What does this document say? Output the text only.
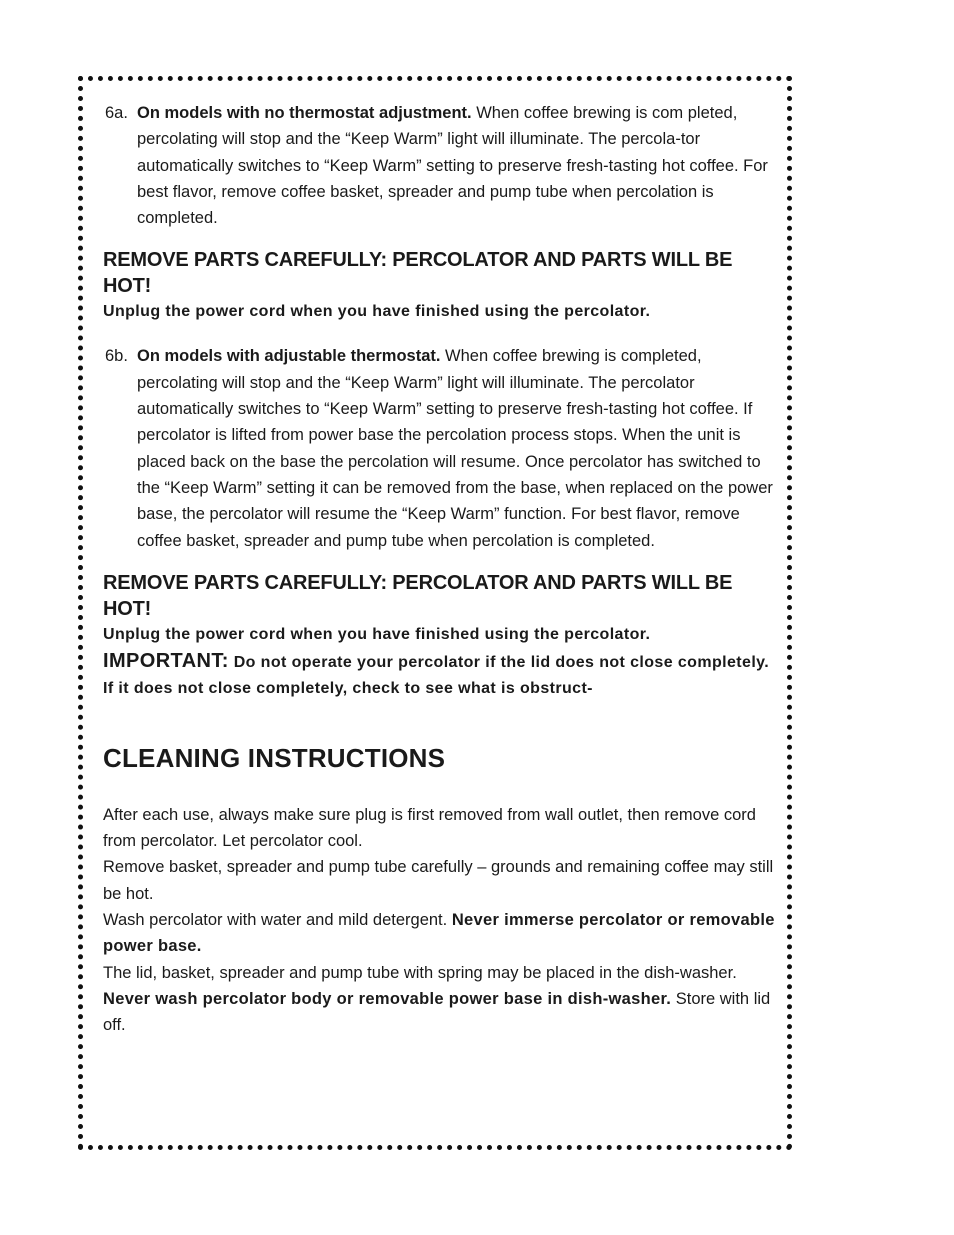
6a. On models with no thermostat adjustment. When coffee brewing is com pleted, percolating will stop and the “Keep Warm” light will illuminate. The percola-tor automatically switches to “Keep Warm” setting to preserve fresh-tasting hot coffee. For best flavor, remove coffee basket, spreader and pump tube when percolation is completed.
REMOVE PARTS CAREFULLY: PERCOLATOR AND PARTS WILL BE HOT!
Unplug the power cord when you have finished using the percolator.
6b. On models with adjustable thermostat. When coffee brewing is completed, percolating will stop and the “Keep Warm” light will illuminate. The percolator automatically switches to “Keep Warm” setting to preserve fresh-tasting hot coffee. If percolator is lifted from power base the percolation process stops. When the unit is placed back on the base the percolation will resume. Once percolator has switched to the “Keep Warm” setting it can be removed from the base, when replaced on the power base, the percolator will resume the “Keep Warm” function. For best flavor, remove coffee basket, spreader and pump tube when percolation is completed.
REMOVE PARTS CAREFULLY: PERCOLATOR AND PARTS WILL BE HOT!
Unplug the power cord when you have finished using the percolator.
IMPORTANT: Do not operate your percolator if the lid does not close completely. If it does not close completely, check to see what is obstruct-
CLEANING INSTRUCTIONS
After each use, always make sure plug is first removed from wall outlet, then remove cord from percolator. Let percolator cool.
Remove basket, spreader and pump tube carefully – grounds and remaining coffee may still be hot.
Wash percolator with water and mild detergent. Never immerse percolator or removable power base.
The lid, basket, spreader and pump tube with spring may be placed in the dish-washer. Never wash percolator body or removable power base in dish-washer. Store with lid off.
